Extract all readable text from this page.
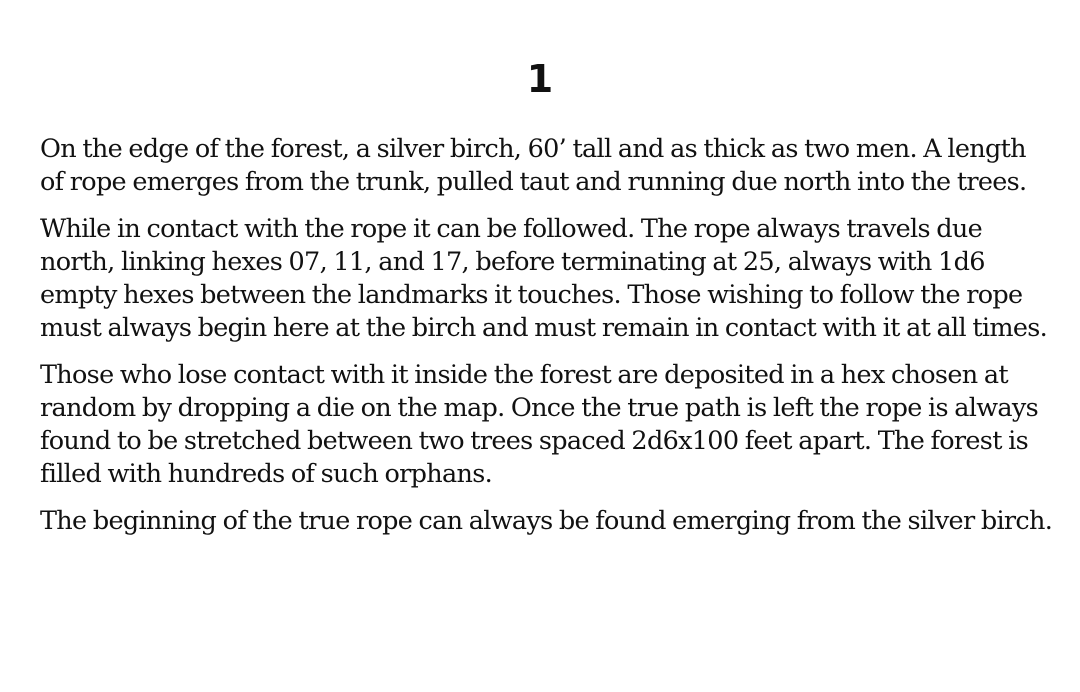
1

On the edge of the forest, a silver birch, 60’ tall and as thick as two men. A length of rope emerges from the trunk, pulled taut and running due north into the trees.

While in contact with the rope it can be followed. The rope always travels due north, linking hexes 07, 11, and 17, before terminating at 25, always with 1d6 empty hexes between the landmarks it touches. Those wishing to follow the rope must always begin here at the birch and must remain in contact with it at all times.

Those who lose contact with it inside the forest are deposited in a hex chosen at random by dropping a die on the map. Once the true path is left the rope is always found to be stretched between two trees spaced 2d6x100 feet apart. The forest is filled with hundreds of such orphans.

The beginning of the true rope can always be found emerging from the silver birch.
